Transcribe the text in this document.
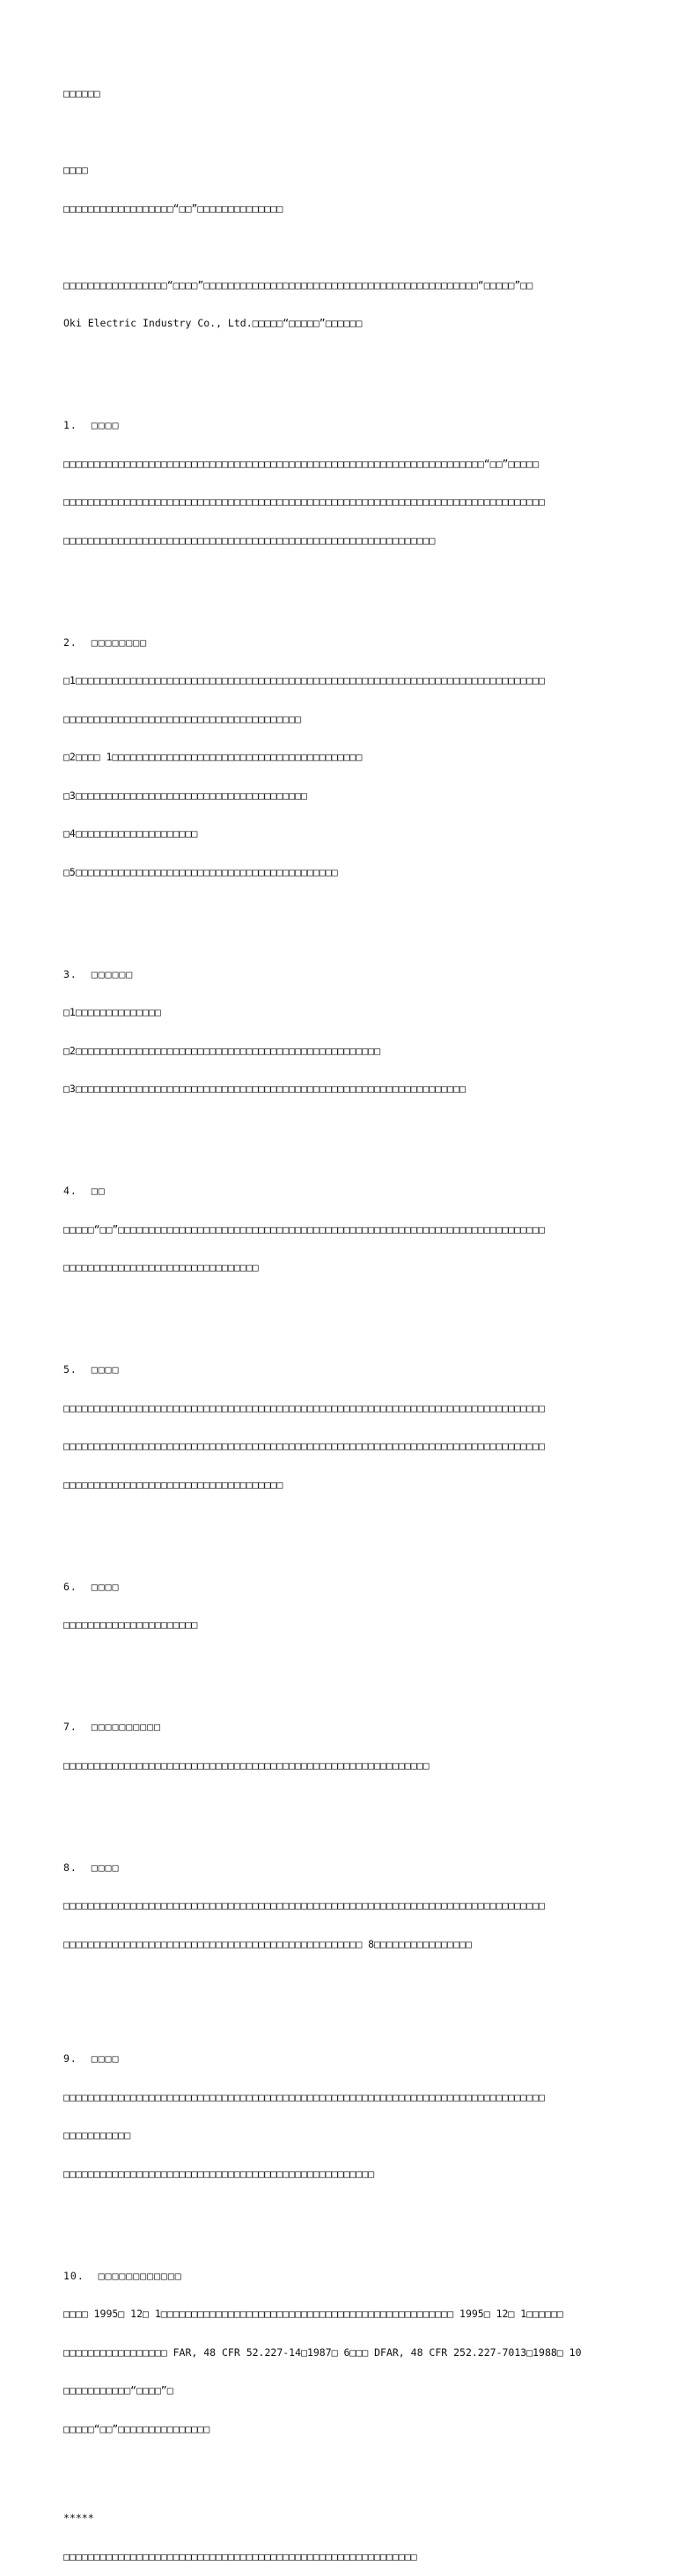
□□□□□□

□□□□

□□□□□□□□□□□□□□□□□□“□□”□□□□□□□□□□□□□□

□□□□□□□□□□□□□□□□□“□□□□”□□□□□□□□□□□□□□□□□□□□□□□□□□□□□□□□□□□□□□□□□□□□□“□□□□□”□□

Oki Electric Industry Co., Ltd.□□□□□“□□□□□”□□□□□□

1.  □□□□

□□□□□□□□□□□□□□□□□□□□□□□□□□□□□□□□□□□□□□□□□□□□□□□□□□□□□□□□□□□□□□□□□□□□□“□□”□□□□□

□□□□□□□□□□□□□□□□□□□□□□□□□□□□□□□□□□□□□□□□□□□□□□□□□□□□□□□□□□□□□□□□□□□□□□□□□□□□□□□

□□□□□□□□□□□□□□□□□□□□□□□□□□□□□□□□□□□□□□□□□□□□□□□□□□□□□□□□□□□□□

2.  □□□□□□□□

□1□□□□□□□□□□□□□□□□□□□□□□□□□□□□□□□□□□□□□□□□□□□□□□□□□□□□□□□□□□□□□□□□□□□□□□□□□□□□□

□□□□□□□□□□□□□□□□□□□□□□□□□□□□□□□□□□□□□□□

□2□□□□ 1□□□□□□□□□□□□□□□□□□□□□□□□□□□□□□□□□□□□□□□□□

□3□□□□□□□□□□□□□□□□□□□□□□□□□□□□□□□□□□□□□□

□4□□□□□□□□□□□□□□□□□□□□

□5□□□□□□□□□□□□□□□□□□□□□□□□□□□□□□□□□□□□□□□□□□□

3.  □□□□□□

□1□□□□□□□□□□□□□□

□2□□□□□□□□□□□□□□□□□□□□□□□□□□□□□□□□□□□□□□□□□□□□□□□□□□

□3□□□□□□□□□□□□□□□□□□□□□□□□□□□□□□□□□□□□□□□□□□□□□□□□□□□□□□□□□□□□□□□□

4.  □□

□□□□□“□□”□□□□□□□□□□□□□□□□□□□□□□□□□□□□□□□□□□□□□□□□□□□□□□□□□□□□□□□□□□□□□□□□□□□□□□

□□□□□□□□□□□□□□□□□□□□□□□□□□□□□□□□

5.  □□□□

□□□□□□□□□□□□□□□□□□□□□□□□□□□□□□□□□□□□□□□□□□□□□□□□□□□□□□□□□□□□□□□□□□□□□□□□□□□□□□□

□□□□□□□□□□□□□□□□□□□□□□□□□□□□□□□□□□□□□□□□□□□□□□□□□□□□□□□□□□□□□□□□□□□□□□□□□□□□□□□

□□□□□□□□□□□□□□□□□□□□□□□□□□□□□□□□□□□□

6.  □□□□

□□□□□□□□□□□□□□□□□□□□□□

7.  □□□□□□□□□□

□□□□□□□□□□□□□□□□□□□□□□□□□□□□□□□□□□□□□□□□□□□□□□□□□□□□□□□□□□□□

8.  □□□□

□□□□□□□□□□□□□□□□□□□□□□□□□□□□□□□□□□□□□□□□□□□□□□□□□□□□□□□□□□□□□□□□□□□□□□□□□□□□□□□

□□□□□□□□□□□□□□□□□□□□□□□□□□□□□□□□□□□□□□□□□□□□□□□□□ 8□□□□□□□□□□□□□□□□

9.  □□□□

□□□□□□□□□□□□□□□□□□□□□□□□□□□□□□□□□□□□□□□□□□□□□□□□□□□□□□□□□□□□□□□□□□□□□□□□□□□□□□□

□□□□□□□□□□□

□□□□□□□□□□□□□□□□□□□□□□□□□□□□□□□□□□□□□□□□□□□□□□□□□□□

10.  □□□□□□□□□□□□

□□□□ 1995□ 12□ 1□□□□□□□□□□□□□□□□□□□□□□□□□□□□□□□□□□□□□□□□□□□□□□□□ 1995□ 12□ 1□□□□□□

□□□□□□□□□□□□□□□□□ FAR, 48 CFR 52.227-14□1987□ 6□□□ DFAR, 48 CFR 252.227-7013□1988□ 10

□□□□□□□□□□□“□□□□”□

□□□□□“□□”□□□□□□□□□□□□□□□

*****

□□□□□□□□□□□□□□□□□□□□□□□□□□□□□□□□□□□□□□□□□□□□□□□□□□□□□□□□□□
